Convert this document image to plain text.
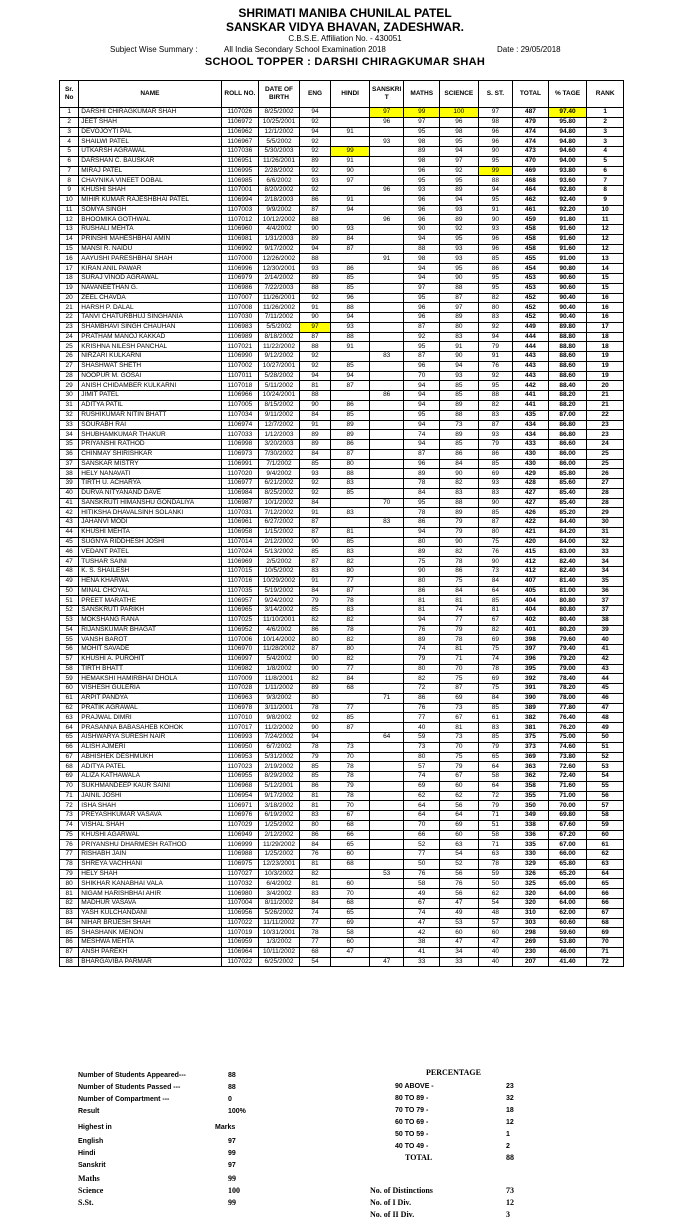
SHRIMATI MANIBA CHUNILAL PATEL
SANSKAR VIDYA BHAVAN, ZADESHWAR.
C.B.S.E. Affiliation No. - 430051
Subject Wise Summary :	All India Secondary School Examination 2018	Date : 29/05/2018
SCHOOL TOPPER : DARSHI CHIRAGKUMAR SHAH
Sr. No	NAME	ROLL NO.	DATE OF BIRTH	ENG	HINDI	SANSKRIT	MATHS	SCIENCE	S. ST.	TOTAL	% TAGE	RANK
1	DARSHI CHIRAGKUMAR SHAH	1107026	8/25/2002	94		97	99	100	97	487	97.40	1
2	JEET SHAH	1106972	10/25/2001	92		96	97	96	98	479	95.80	2
3	DEVOJOYTI PAL	1106962	12/1/2002	94	91		95	98	96	474	94.80	3
4	SHAILWI PATEL	1106967	5/5/2002	92		93	98	95	96	474	94.80	3
5	UTKARSH AGRAWAL	1107036	5/30/2003	92	99		89	94	90	473	94.60	4
6	DARSHAN C. BAUSKAR	1106951	11/26/2001	89	91		98	97	95	470	94.00	5
7	MIRAJ PATEL	1106995	2/28/2002	92	90		96	92	99	469	93.80	6
8	CHAYNIKA VINEET DOBAL	1106985	6/6/2002	93	97		95	95	88	468	93.60	7
9	KHUSHI SHAH	1107001	8/20/2002	92		96	93	89	94	464	92.80	8
10	MIHIR KUMAR RAJESHBHAI PATEL	1106994	2/18/2003	86	91		96	94	95	462	92.40	9
11	SOMYA SINGH	1107003	9/9/2002	87	94		96	93	91	461	92.20	10
12	BHOOMIKA GOTHWAL	1107012	10/12/2002	88		96	96	89	90	459	91.80	11
13	RUSHALI MEHTA	1106960	4/4/2002	90	93		90	92	93	458	91.60	12
14	PRINSHI MAHESHBHAI AMIN	1106981	1/31/2003	89	84		94	95	96	458	91.60	12
15	MANSI R. NAIDU	1106992	9/17/2002	94	87		88	93	96	458	91.60	12
16	AAYUSHI PARESHBHAI SHAH	1107000	12/26/2002	88		91	98	93	85	455	91.00	13
17	KIRAN ANIL PAWAR	1106996	12/30/2001	93	86		94	95	86	454	90.80	14
18	SURAJ VINOD AGRAWAL	1106979	2/14/2002	89	85		94	90	95	453	90.60	15
19	NAVANEETHAN G.	1106986	7/22/2003	88	85		97	88	95	453	90.60	15
20	ZEEL CHAVDA	1107007	11/26/2001	92	96		95	87	82	452	90.40	16
21	HARSH P. DALAL	1107008	11/26/2002	91	88		96	97	80	452	90.40	16
22	TANVI CHATURBHUJ SINGHANIA	1107030	7/11/2002	90	94		96	89	83	452	90.40	16
23	SHAMBHAVI SINGH CHAUHAN	1106983	5/5/2002	97	93		87	80	92	449	89.80	17
24	PRATHAM MANOJ KAKKAD	1106989	8/18/2002	87	88		92	83	94	444	88.80	18
25	KRISHNA NILESH PANCHAL	1107021	11/22/2002	88	91		95	91	79	444	88.80	18
26	NIRZARI KULKARNI	1106990	9/12/2002	92		83	87	90	91	443	88.60	19
27	SHASHWAT SHETH	1107002	10/27/2001	92	85		96	94	76	443	88.60	19
28	NOOPUR M. GOSAI	1107011	5/28/2002	94	94		70	93	92	443	88.60	19
29	ANISH CHIDAMBER KULKARNI	1107018	5/11/2002	81	87		94	85	95	442	88.40	20
30	JIMIT PATEL	1106966	10/24/2001	88		86	94	85	88	441	88.20	21
31	ADITYA PATIL	1107005	8/15/2002	90	86		94	89	82	441	88.20	21
32	RUSHIKUMAR NITIN BHATT	1107034	9/11/2002	84	85		95	88	83	435	87.00	22
33	SOURABH RAI	1106974	12/7/2002	91	89		94	73	87	434	86.80	23
34	SHUBHAMKUMAR THAKUR	1107033	1/12/2003	89	89		74	89	93	434	86.80	23
35	PRIYANSHI RATHOD	1106998	3/20/2003	89	86		94	85	79	433	86.60	24
36	CHINMAY SHIRISHKAR	1106973	7/30/2002	84	87		87	86	86	430	86.00	25
37	SANSKAR MISTRY	1106991	7/1/2002	85	80		96	84	85	430	86.00	25
38	HELY NANAVATI	1107020	9/4/2002	93	88		89	90	69	429	85.80	26
39	TIRTH U. ACHARYA	1106977	6/21/2002	92	83		78	82	93	428	85.60	27
40	DURVA NITYANAND DAVE	1106984	8/25/2002	92	85		84	83	83	427	85.40	28
41	SANSKRUTI HIMANSHU GONDALIYA	1106987	10/1/2002	84		70	95	88	90	427	85.40	28
42	HITIKSHA DHAVALSINH SOLANKI	1107031	7/12/2002	91	83		78	89	85	426	85.20	29
43	JAHANVI MODI	1106961	6/27/2002	87		83	86	79	87	422	84.40	30
44	KHUSHI MEHTA	1106958	1/15/2002	87	81		94	79	80	421	84.20	31
45	SUGNYA RIDDHESH JOSHI	1107014	2/12/2002	90	85		80	90	75	420	84.00	32
46	VEDANT PATEL	1107024	5/13/2002	85	83		89	82	76	415	83.00	33
47	TUSHAR SAINI	1106969	2/5/2002	87	82		75	78	90	412	82.40	34
48	K. S. SHAILESH	1107015	10/5/2002	83	80		90	86	73	412	82.40	34
49	HENA KHARWA	1107016	10/29/2002	91	77		80	75	84	407	81.40	35
50	MINAL CHOYAL	1107035	5/19/2002	84	87		86	84	64	405	81.00	36
51	PREET MARATHE	1106957	9/24/2002	79	78		81	81	85	404	80.80	37
52	SANSKRUTI PARIKH	1106965	3/14/2002	85	83		81	74	81	404	80.80	37
53	MOKSHANG RANA	1107025	11/10/2001	82	82		94	77	67	402	80.40	38
54	RIJANSKUMAR BHAGAT	1106952	4/6/2002	86	78		76	79	82	401	80.20	39
55	VANSH BAROT	1107006	10/14/2002	80	82		89	78	69	398	79.60	40
56	MOHIT SAVADE	1106970	11/28/2002	87	80		74	81	75	397	79.40	41
57	KHUSHI A. PUROHIT	1106997	5/4/2002	90	82		79	71	74	396	79.20	42
58	TIRTH BHATT	1106982	1/8/2002	90	77		80	70	78	395	79.00	43
59	HEMAKSHI HAMIRBHAI DHOLA	1107009	11/8/2001	82	84		82	75	69	392	78.40	44
60	VISHESH GULERIA	1107028	1/11/2002	89	68		72	87	75	391	78.20	45
61	ARPIT PANDYA	1106963	9/3/2002	80		71	86	69	84	390	78.00	46
62	PRATIK AGRAWAL	1106978	3/11/2001	78	77		76	73	85	389	77.80	47
63	PRAJWAL DIMRI	1107010	9/8/2002	92	85		77	67	61	382	76.40	48
64	PRASANNA BABASAHEB KOHOK	1107017	11/2/2002	90	87		40	81	83	381	76.20	49
65	AISHWARYA SURESH NAIR	1106993	7/24/2002	94		64	59	73	85	375	75.00	50
66	ALISH AJMERI	1106950	6/7/2002	78	73		73	70	79	373	74.60	51
67	ABHISHEK DESHMUKH	1106953	5/31/2002	79	70		80	75	65	369	73.80	52
68	ADITYA PATEL	1107023	2/19/2002	85	78		57	79	64	363	72.60	53
69	ALIZA KATHAWALA	1106955	8/29/2002	85	78		74	67	58	362	72.40	54
70	SUKHMANDEEP KAUR SAINI	1106968	5/12/2001	86	79		69	60	64	358	71.60	55
71	JAINIL JOSHI	1106954	9/17/2002	81	78		62	62	72	355	71.00	56
72	ISHA SHAH	1106971	3/18/2002	81	70		64	56	79	350	70.00	57
73	PREYASHKUMAR VASAVA	1106976	6/19/2002	83	67		64	64	71	349	69.80	58
74	VISHAL SHAH	1107029	1/25/2002	80	68		70	69	51	338	67.60	59
75	KHUSHI AGARWAL	1106949	2/12/2002	86	66		66	60	58	336	67.20	60
76	PRIYANSHU DHARMESH RATHOD	1106999	11/29/2002	84	65		52	63	71	335	67.00	61
77	RISHABH JAIN	1106988	1/25/2002	76	60		77	54	63	330	66.00	62
78	SHREYA VACHHANI	1106975	12/23/2001	81	68		50	52	78	329	65.80	63
79	HELY SHAH	1107027	10/3/2002	82		53	76	56	59	326	65.20	64
80	SHIKHAR KANABHAI VALA	1107032	6/4/2002	81	60		58	76	50	325	65.00	65
81	NIGAM HARISHBHAI AHIR	1106980	3/4/2002	83	70		49	56	62	320	64.00	66
82	MADHUR VASAVA	1107004	8/11/2002	84	68		67	47	54	320	64.00	66
83	YASH KULCHANDANI	1106956	5/26/2002	74	65		74	49	48	310	62.00	67
84	NIHAR BRIJESH SHAH	1107022	11/11/2002	77	69		47	53	57	303	60.60	68
85	SHASHANK MENON	1107019	10/31/2001	78	58		42	60	60	298	59.60	69
86	MESHWA MEHTA	1106959	1/3/2002	77	60		38	47	47	269	53.80	70
87	ANSH PAREKH	1106964	10/11/2002	68	47		41	34	40	230	46.00	71
88	BHARGAVIBA PARMAR	1107022	6/25/2002	54		47	33	33	40	207	41.40	72
Number of Students Appeared---	88
Number of Students Passed ---	88
Number of Compartment ---	0
Result	100%
Highest in	Marks
English	97
Hindi	99
Sanskrit	97
Maths	99
Science	100
S.St.	99
PERCENTAGE
90 ABOVE -	23
80 TO 89 -	32
70 TO 79 -	18
60 TO 69 -	12
50 TO 59 -	1
40 TO 49 -	2
TOTAL	88
No. of Distinctions	73
No. of I Div.	12
No. of II Div.	3
